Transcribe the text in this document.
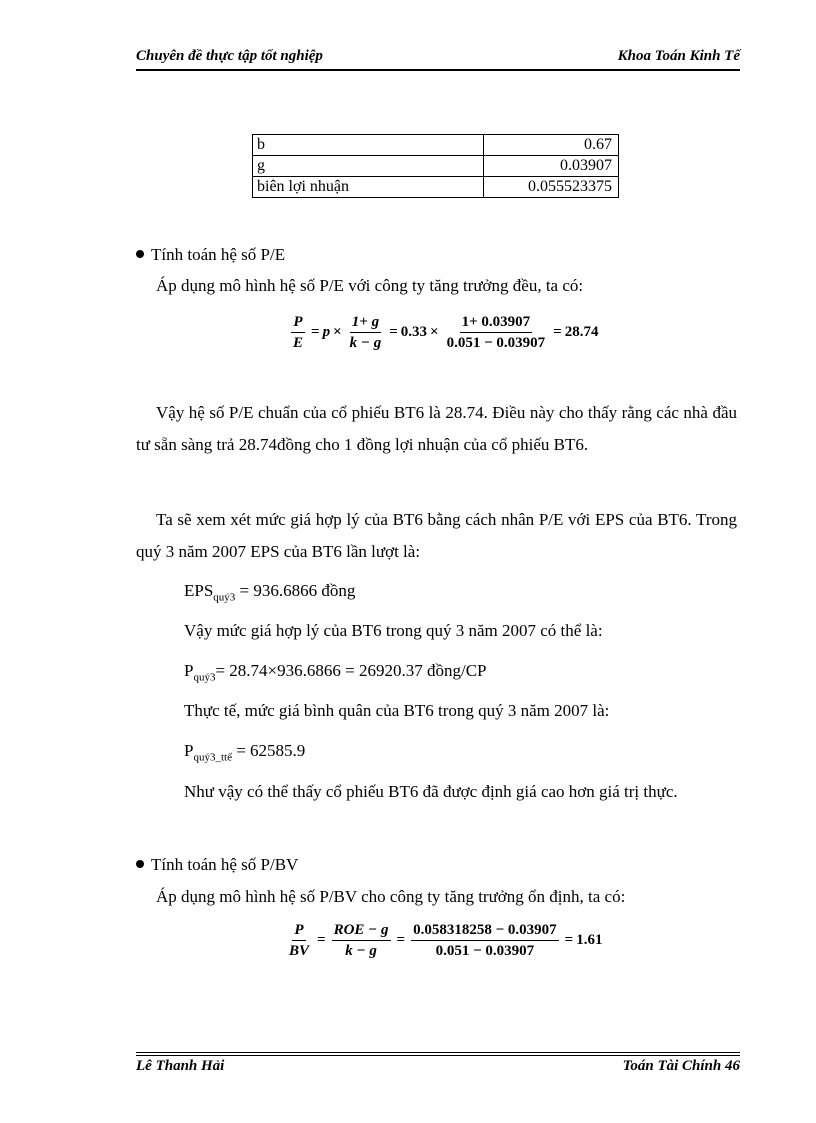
Chuyên đề thực tập tốt nghiệp	Khoa Toán Kinh Tế
b	0.67
g	0.03907
biên lợi nhuận	0.055523375
Tính toán hệ số P/E
Áp dụng mô hình hệ số P/E với công ty tăng trưởng đều, ta có:
$\frac{P}{E} = p \times \frac{1+ g}{k - g} = 0.33 \times \frac{1+ 0.03907}{0.051 - 0.03907} = 28.74$
Vậy hệ số P/E chuẩn của cổ phiếu BT6 là 28.74. Điều này cho thấy rằng các nhà đầu tư sẵn sàng trả 28.74đồng cho 1 đồng lợi nhuận của cổ phiếu BT6.
Ta sẽ xem xét mức giá hợp lý của BT6 bằng cách nhân P/E với EPS của BT6. Trong quý 3 năm 2007 EPS của BT6 lần lượt là:
$EPS_{quý3} = 936.6866$ đồng
Vậy mức giá hợp lý của BT6 trong quý 3 năm 2007 có thể là:
$P_{quý3}= 28.74\times 936.6866 = 26920.37$ đồng/CP
Thực tế, mức giá bình quân của BT6 trong quý 3 năm 2007 là:
$P_{quý3\_ttế} = 62585.9$
Như vậy có thể thấy cổ phiếu BT6 đã được định giá cao hơn giá trị thực.
Tính toán hệ số P/BV
Áp dụng mô hình hệ số P/BV cho công ty tăng trưởng ổn định, ta có:
$\frac{P}{BV} = \frac{\text{ROE − g}}{k - g} = \frac{0.058318258 - 0.03907}{0.051 - 0.03907} = 1.61$
Lê Thanh Hải	Toán Tài Chính 46
